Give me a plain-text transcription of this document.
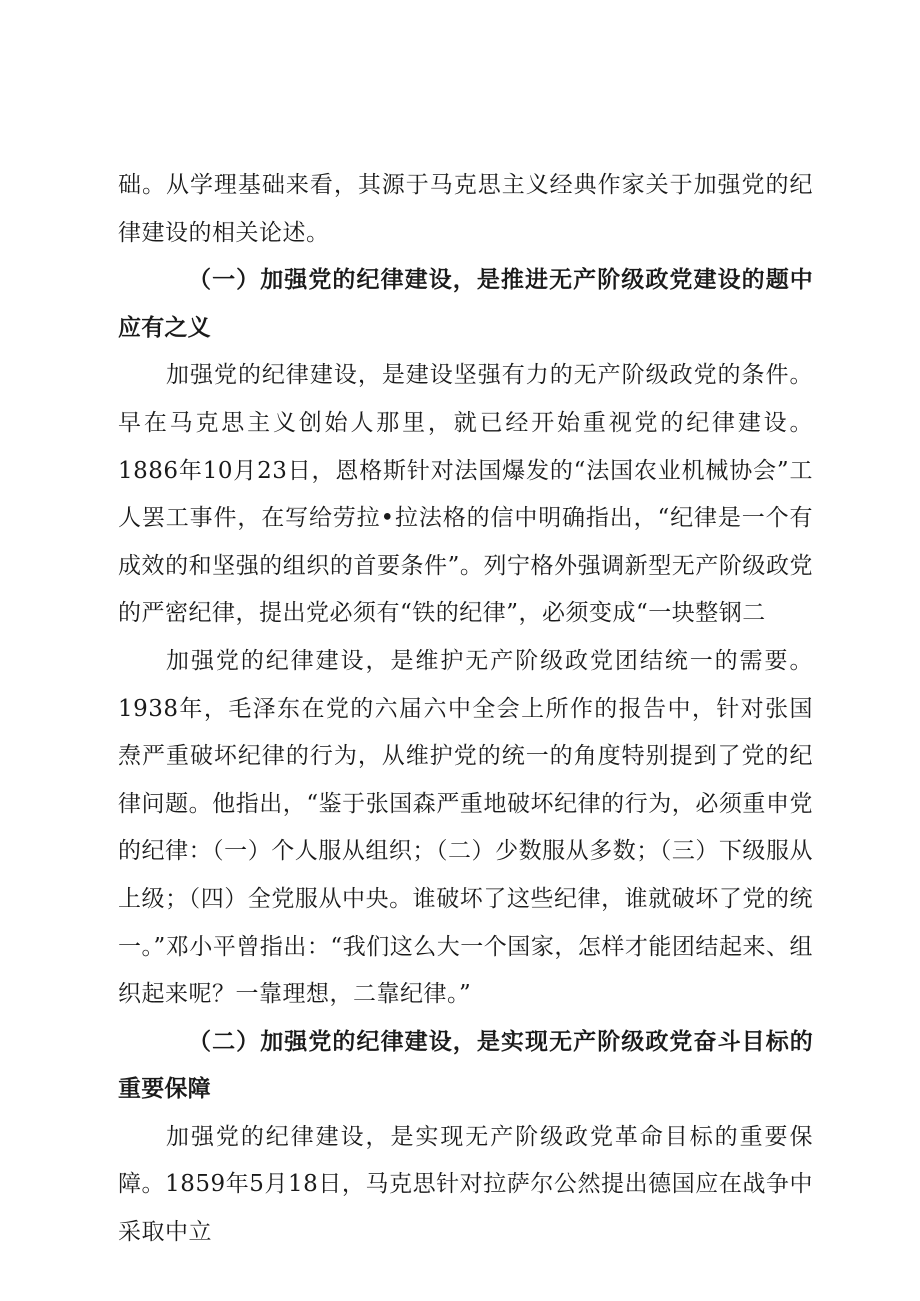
础。从学理基础来看，其源于马克思主义经典作家关于加强党的纪律建设的相关论述。

（一）加强党的纪律建设，是推进无产阶级政党建设的题中应有之义

加强党的纪律建设，是建设坚强有力的无产阶级政党的条件。早在马克思主义创始人那里，就已经开始重视党的纪律建设。1886年10月23日，恩格斯针对法国爆发的“法国农业机械协会”工人罢工事件，在写给劳拉•拉法格的信中明确指出，“纪律是一个有成效的和坚强的组织的首要条件”。列宁格外强调新型无产阶级政党的严密纪律，提出党必须有“铁的纪律”，必须变成“一块整钢二

加强党的纪律建设，是维护无产阶级政党团结统一的需要。1938年，毛泽东在党的六届六中全会上所作的报告中，针对张国焘严重破坏纪律的行为，从维护党的统一的角度特别提到了党的纪律问题。他指出，“鉴于张国森严重地破坏纪律的行为，必须重申党的纪律：（一）个人服从组织；（二）少数服从多数；（三）下级服从上级；（四）全党服从中央。谁破坏了这些纪律，谁就破坏了党的统一。”邓小平曾指出：“我们这么大一个国家，怎样才能团结起来、组织起来呢？一靠理想，二靠纪律。”

（二）加强党的纪律建设，是实现无产阶级政党奋斗目标的重要保障

加强党的纪律建设，是实现无产阶级政党革命目标的重要保障。1859年5月18日，马克思针对拉萨尔公然提出德国应在战争中采取中立
